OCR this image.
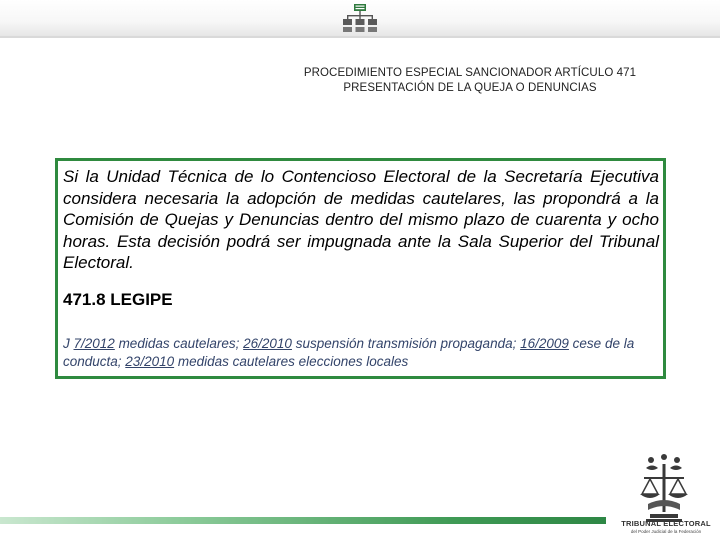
PROCEDIMIENTO ESPECIAL SANCIONADOR ARTÍCULO 471
PRESENTACIÓN DE LA QUEJA O DENUNCIAS
Si la Unidad Técnica de lo Contencioso Electoral de la Secretaría Ejecutiva considera necesaria la adopción de medidas cautelares, las propondrá a la Comisión de Quejas y Denuncias dentro del mismo plazo de cuarenta y ocho horas. Esta decisión podrá ser impugnada ante la Sala Superior del Tribunal Electoral.
471.8 LEGIPE
J 7/2012 medidas cautelares; 26/2010 suspensión transmisión propaganda; 16/2009 cese de la conducta; 23/2010 medidas cautelares elecciones locales
TRIBUNAL ELECTORAL
del Poder Judicial de la Federación
